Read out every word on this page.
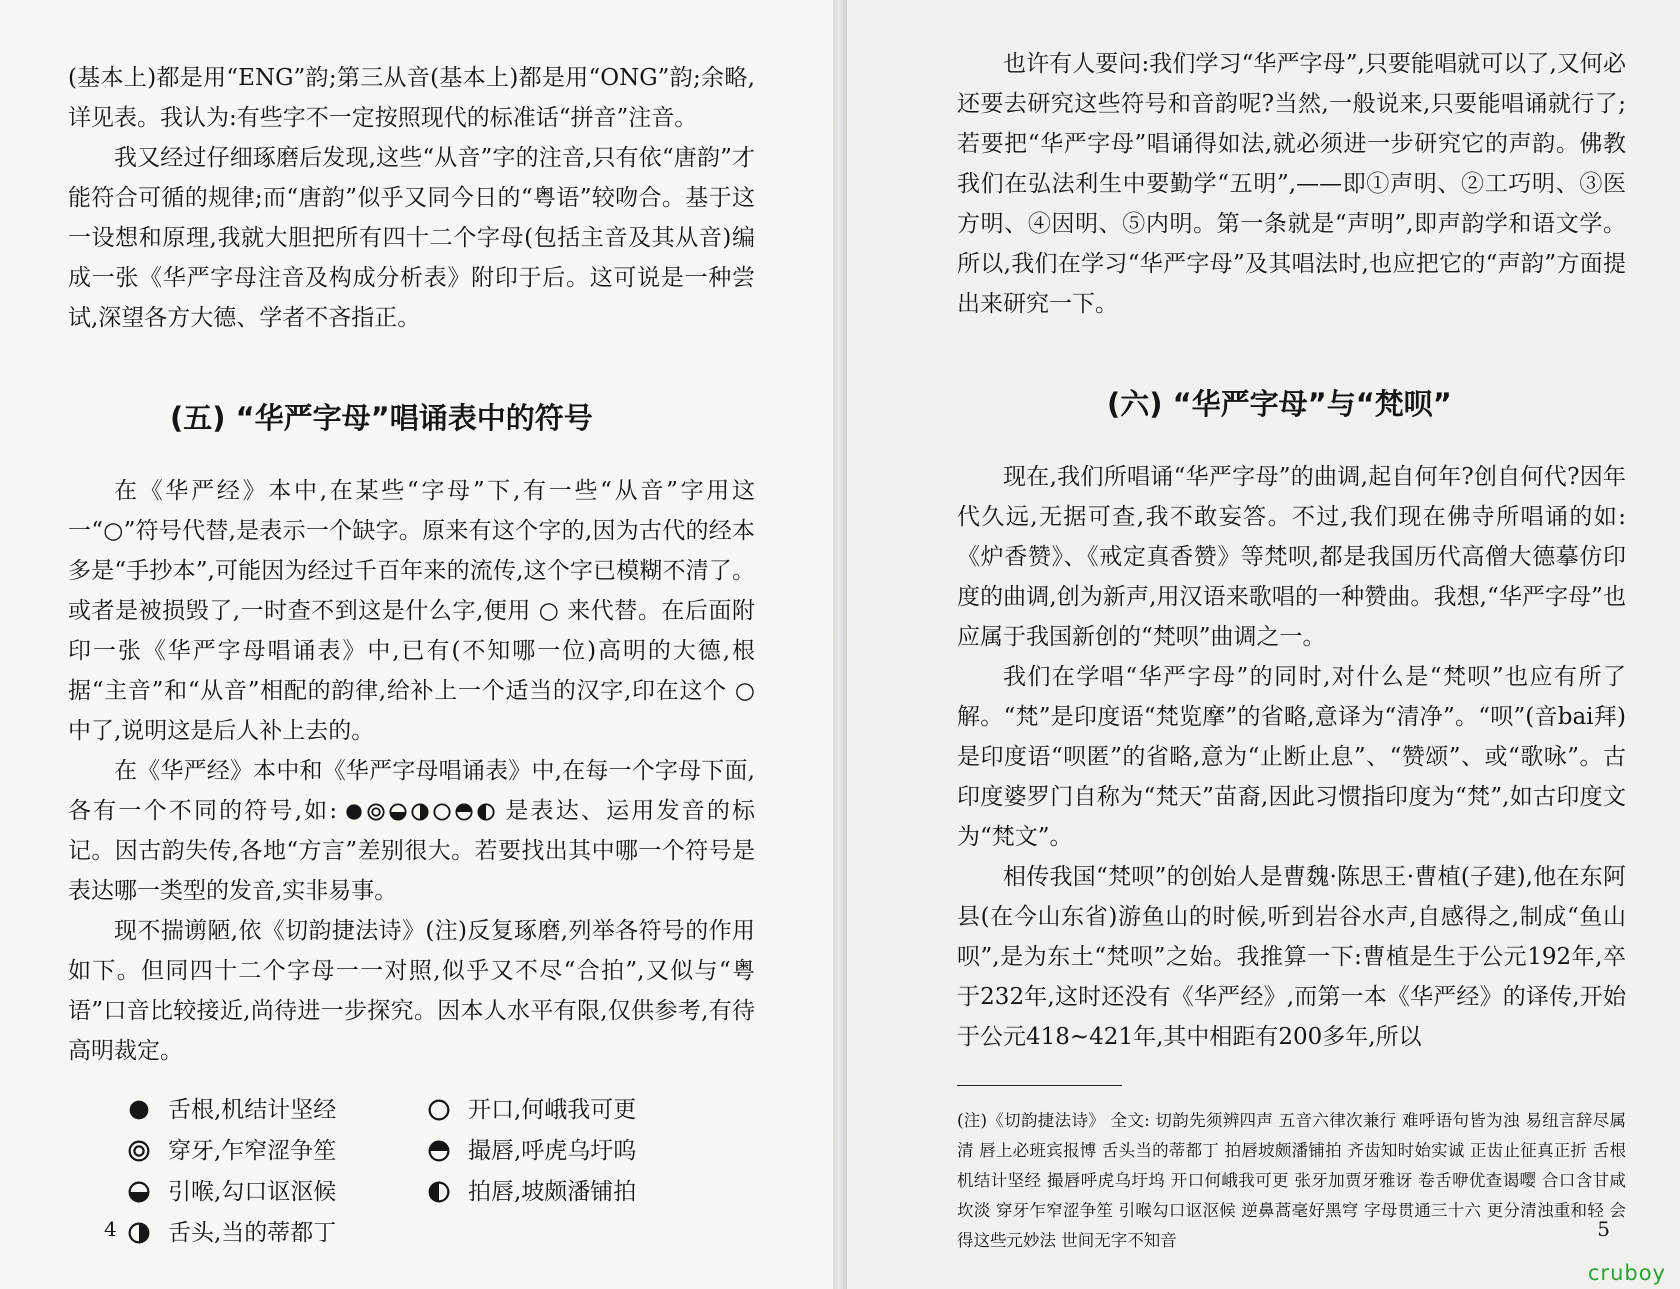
(基本上)都是用“ENG”韵;第三从音(基本上)都是用“ONG”韵;余略,详见表。我认为:有些字不一定按照现代的标准话“拼音”注音。

我又经过仔细琢磨后发现,这些“从音”字的注音,只有依“唐韵”才能符合可循的规律;而“唐韵”似乎又同今日的“粤语”较吻合。基于这一设想和原理,我就大胆把所有四十二个字母(包括主音及其从音)编成一张《华严字母注音及构成分析表》附印于后。这可说是一种尝试,深望各方大德、学者不吝指正。

(五) “华严字母”唱诵表中的符号

在《华严经》本中,在某些“字母”下,有一些“从音”字用这一“○”符号代替,是表示一个缺字。原来有这个字的,因为古代的经本多是“手抄本”,可能因为经过千百年来的流传,这个字已模糊不清了。或者是被损毁了,一时查不到这是什么字,便用 ○ 来代替。在后面附印一张《华严字母唱诵表》中,已有(不知哪一位)高明的大德,根据“主音”和“从音”相配的韵律,给补上一个适当的汉字,印在这个 ○ 中了,说明这是后人补上去的。

在《华严经》本中和《华严字母唱诵表》中,在每一个字母下面,各有一个不同的符号,如:	是表达、运用发音的标记。因古韵失传,各地“方言”差别很大。若要找出其中哪一个符号是表达哪一类型的发音,实非易事。

现不揣谫陋,依《切韵捷法诗》(注)反复琢磨,列举各符号的作用如下。但同四十二个字母一一对照,似乎又不尽“合拍”,又似与“粤语”口音比较接近,尚待进一步探究。因本人水平有限,仅供参考,有待高明裁定。

舌根,机结计坚经	开口,何峨我可更
穿牙,乍窄涩争笙	撮唇,呼虎乌圩呜
引喉,勾口讴沤候	拍唇,坡颇潘铺拍
舌头,当的蒂都丁
4

也许有人要问:我们学习“华严字母”,只要能唱就可以了,又何必还要去研究这些符号和音韵呢?当然,一般说来,只要能唱诵就行了;若要把“华严字母”唱诵得如法,就必须进一步研究它的声韵。佛教我们在弘法利生中要勤学“五明”,——即①声明、②工巧明、③医方明、④因明、⑤内明。第一条就是“声明”,即声韵学和语文学。所以,我们在学习“华严字母”及其唱法时,也应把它的“声韵”方面提出来研究一下。

(六) “华严字母”与“梵呗”

现在,我们所唱诵“华严字母”的曲调,起自何年?创自何代?因年代久远,无据可查,我不敢妄答。不过,我们现在佛寺所唱诵的如:《炉香赞》、《戒定真香赞》等梵呗,都是我国历代高僧大德摹仿印度的曲调,创为新声,用汉语来歌唱的一种赞曲。我想,“华严字母”也应属于我国新创的“梵呗”曲调之一。

我们在学唱“华严字母”的同时,对什么是“梵呗”也应有所了解。“梵”是印度语“梵览摩”的省略,意译为“清净”。“呗”(音bai拜)是印度语“呗匿”的省略,意为“止断止息”、“赞颂”、或“歌咏”。古印度婆罗门自称为“梵天”苗裔,因此习惯指印度为“梵”,如古印度文为“梵文”。

相传我国“梵呗”的创始人是曹魏·陈思王·曹植(子建),他在东阿县(在今山东省)游鱼山的时候,听到岩谷水声,自感得之,制成“鱼山呗”,是为东土“梵呗”之始。我推算一下:曹植是生于公元192年,卒于232年,这时还没有《华严经》,而第一本《华严经》的译传,开始于公元418~421年,其中相距有200多年,所以

(注)《切韵捷法诗》 全文: 切韵先须辨四声 五音六律次兼行 难呼语句皆为浊 易纽言辞尽属清 唇上必班宾报博 舌头当的蒂都丁 拍唇坡颇潘铺拍 齐齿知时始实诚 正齿止征真正折 舌根机结计坚经 撮唇呼虎乌圩坞 开口何峨我可更 张牙加贾牙雅讶 卷舌咿优查谒嘤 合口含甘咸坎淡 穿牙乍窄涩争笙 引喉勾口讴沤候 逆鼻蒿毫好黑穹 字母贯通三十六 更分清浊重和轻 会得这些元妙法 世间无字不知音	5
cruboy
